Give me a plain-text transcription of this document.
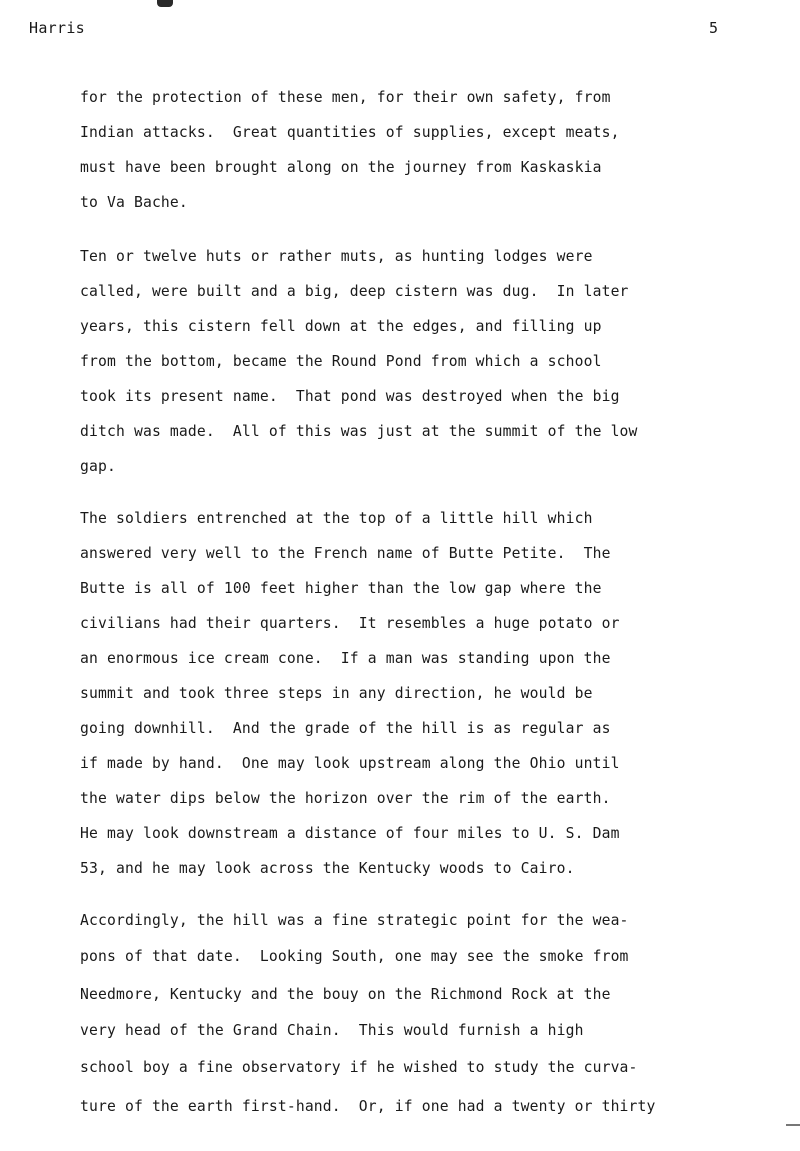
Harris	5
for the protection of these men, for their own safety, from
Indian attacks.  Great quantities of supplies, except meats,
must have been brought along on the journey from Kaskaskia
to Va Bache.
Ten or twelve huts or rather muts, as hunting lodges were
called, were built and a big, deep cistern was dug.  In later
years, this cistern fell down at the edges, and filling up
from the bottom, became the Round Pond from which a school
took its present name.  That pond was destroyed when the big
ditch was made.  All of this was just at the summit of the low
gap.
The soldiers entrenched at the top of a little hill which
answered very well to the French name of Butte Petite.  The
Butte is all of 100 feet higher than the low gap where the
civilians had their quarters.  It resembles a huge potato or
an enormous ice cream cone.  If a man was standing upon the
summit and took three steps in any direction, he would be
going downhill.  And the grade of the hill is as regular as
if made by hand.  One may look upstream along the Ohio until
the water dips below the horizon over the rim of the earth.
He may look downstream a distance of four miles to U. S. Dam
53, and he may look across the Kentucky woods to Cairo.
Accordingly, the hill was a fine strategic point for the wea-
pons of that date.  Looking South, one may see the smoke from
Needmore, Kentucky and the bouy on the Richmond Rock at the
very head of the Grand Chain.  This would furnish a high
school boy a fine observatory if he wished to study the curva-
ture of the earth first-hand.  Or, if one had a twenty or thirty
